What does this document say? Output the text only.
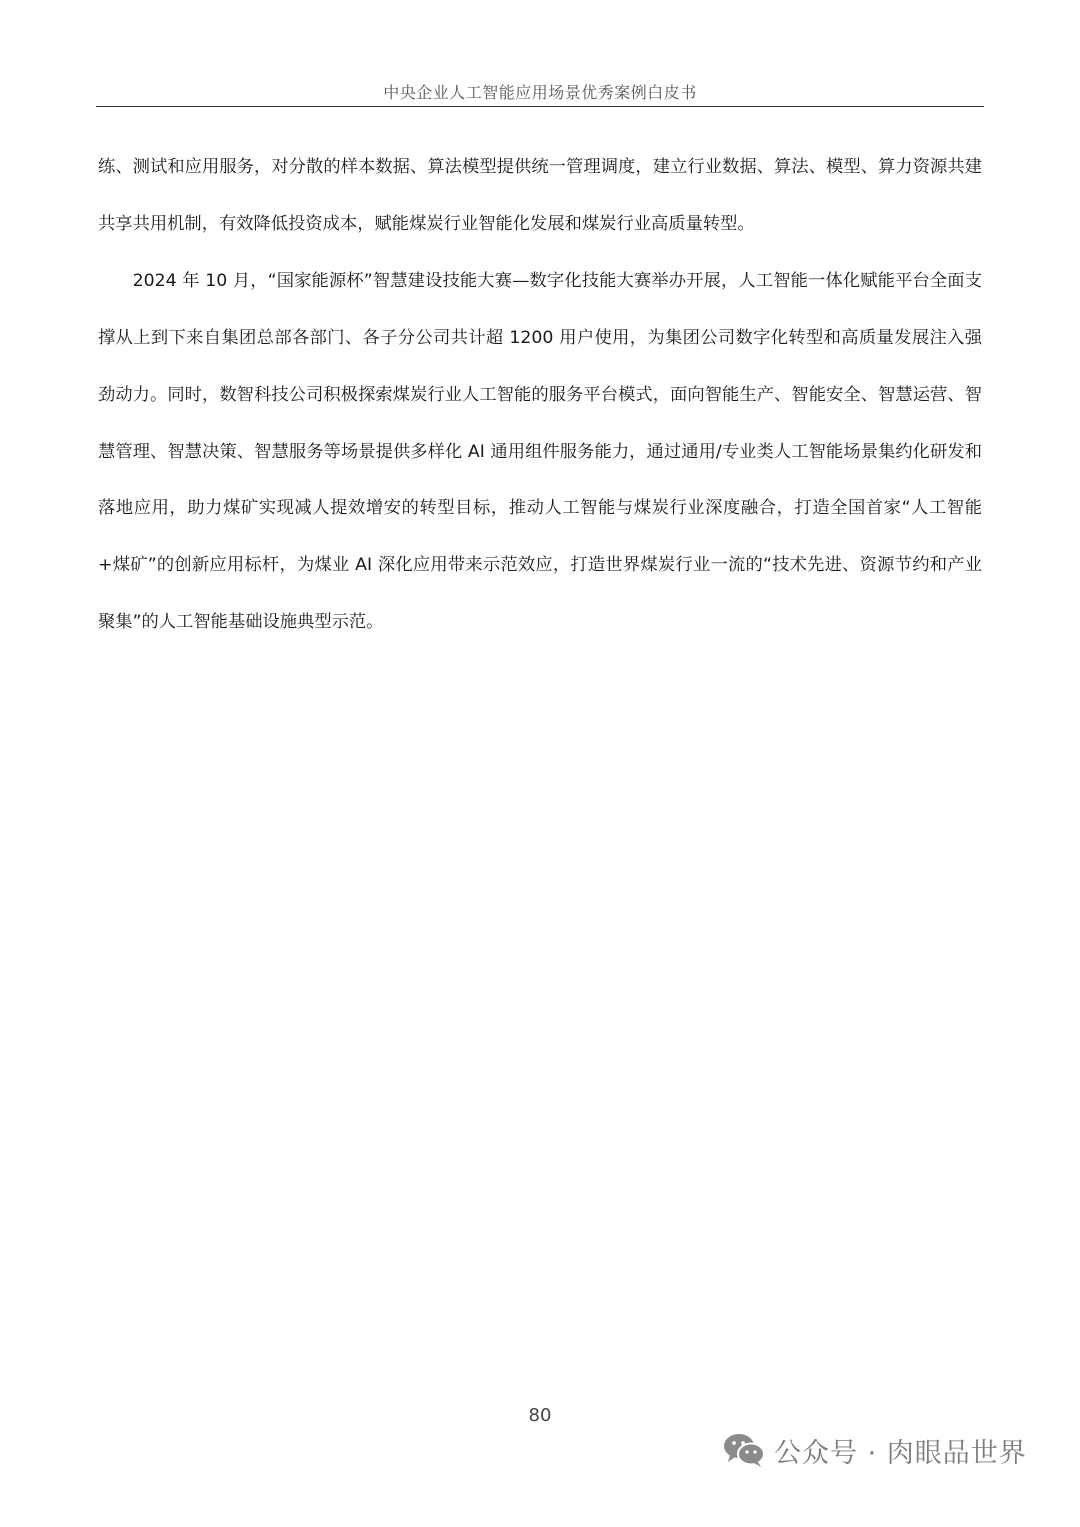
中央企业人工智能应用场景优秀案例白皮书

练、测试和应用服务，对分散的样本数据、算法模型提供统一管理调度，建立行业数据、算法、模型、算力资源共建共享共用机制，有效降低投资成本，赋能煤炭行业智能化发展和煤炭行业高质量转型。

2024 年 10 月，“国家能源杯”智慧建设技能大赛—数字化技能大赛举办开展，人工智能一体化赋能平台全面支撑从上到下来自集团总部各部门、各子分公司共计超 1200 用户使用，为集团公司数字化转型和高质量发展注入强劲动力。同时，数智科技公司积极探索煤炭行业人工智能的服务平台模式，面向智能生产、智能安全、智慧运营、智慧管理、智慧决策、智慧服务等场景提供多样化 AI 通用组件服务能力，通过通用/专业类人工智能场景集约化研发和落地应用，助力煤矿实现减人提效增安的转型目标，推动人工智能与煤炭行业深度融合，打造全国首家“人工智能+煤矿”的创新应用标杆，为煤业 AI 深化应用带来示范效应，打造世界煤炭行业一流的“技术先进、资源节约和产业聚集”的人工智能基础设施典型示范。

80
公众号 · 肉眼品世界
